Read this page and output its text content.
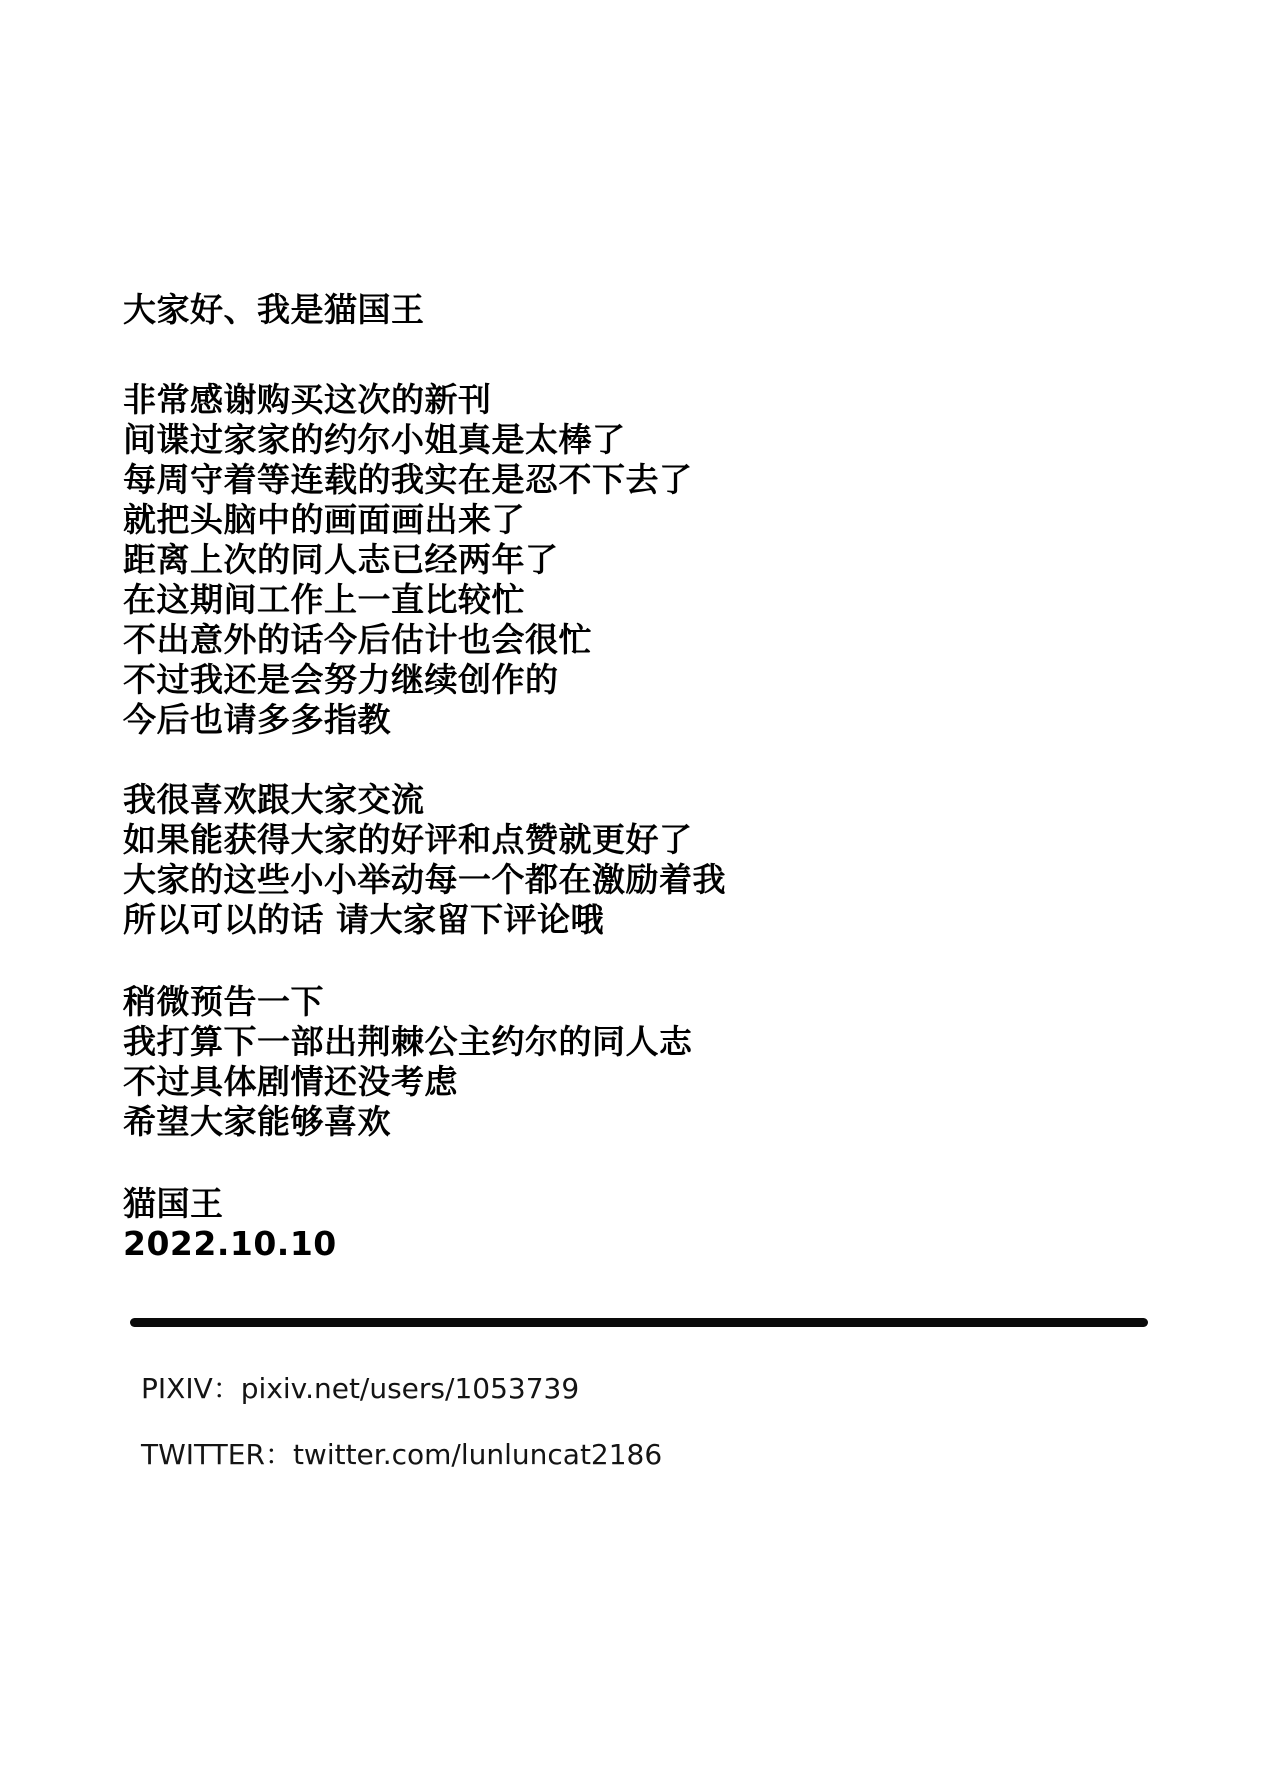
大家好、我是猫国王

非常感谢购买这次的新刊
间谍过家家的约尔小姐真是太棒了
每周守着等连载的我实在是忍不下去了
就把头脑中的画面画出来了
距离上次的同人志已经两年了
在这期间工作上一直比较忙
不出意外的话今后估计也会很忙
不过我还是会努力继续创作的
今后也请多多指教

我很喜欢跟大家交流
如果能获得大家的好评和点赞就更好了
大家的这些小小举动每一个都在激励着我
所以可以的话 请大家留下评论哦

稍微预告一下
我打算下一部出荆棘公主约尔的同人志
不过具体剧情还没考虑
希望大家能够喜欢

猫国王
2022.10.10

PIXIV：pixiv.net/users/1053739

TWITTER：twitter.com/lunluncat2186
